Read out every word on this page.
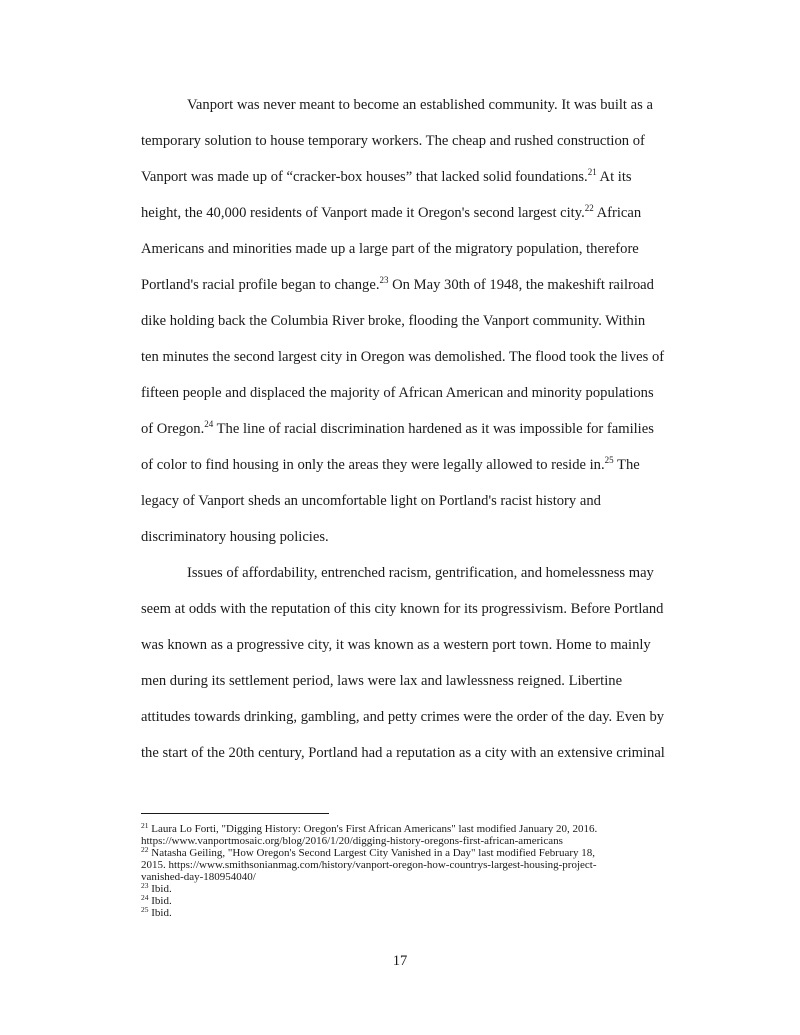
Vanport was never meant to become an established community. It was built as a

temporary solution to house temporary workers. The cheap and rushed construction of

Vanport was made up of “cracker-box houses” that lacked solid foundations.$^{21}$ At its

height, the 40,000 residents of Vanport made it Oregon's second largest city.$^{22}$ African

Americans and minorities made up a large part of the migratory population, therefore

Portland's racial profile began to change.$^{23}$ On May 30th of 1948, the makeshift railroad

dike holding back the Columbia River broke, flooding the Vanport community. Within

ten minutes the second largest city in Oregon was demolished. The flood took the lives of

fifteen people and displaced the majority of African American and minority populations

of Oregon.$^{24}$ The line of racial discrimination hardened as it was impossible for families

of color to find housing in only the areas they were legally allowed to reside in.$^{25}$ The

legacy of Vanport sheds an uncomfortable light on Portland's racist history and

discriminatory housing policies.

Issues of affordability, entrenched racism, gentrification, and homelessness may

seem at odds with the reputation of this city known for its progressivism. Before Portland

was known as a progressive city, it was known as a western port town. Home to mainly

men during its settlement period, laws were lax and lawlessness reigned. Libertine

attitudes towards drinking, gambling, and petty crimes were the order of the day. Even by

the start of the 20th century, Portland had a reputation as a city with an extensive criminal

$^{21}$ Laura Lo Forti, "Digging History: Oregon's First African Americans" last modified January 20, 2016.

https://www.vanportmosaic.org/blog/2016/1/20/digging-history-oregons-first-african-americans

$^{22}$ Natasha Geiling, "How Oregon's Second Largest City Vanished in a Day" last modified February 18,

2015. https://www.smithsonianmag.com/history/vanport-oregon-how-countrys-largest-housing-project-

vanished-day-180954040/

$^{23}$ Ibid.

$^{24}$ Ibid.

$^{25}$ Ibid.

17
